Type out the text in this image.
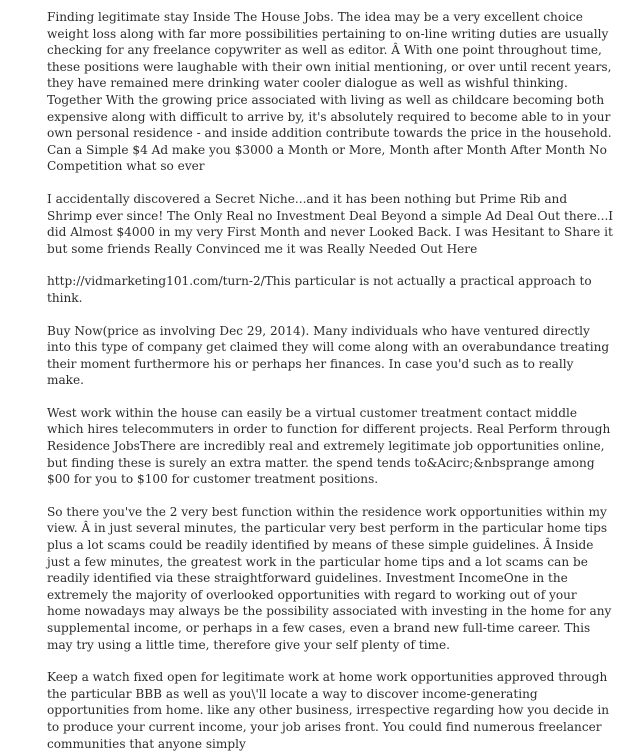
Finding legitimate stay Inside The House Jobs. The idea may be a very excellent choice weight loss along with far more possibilities pertaining to on-line writing duties are usually checking for any freelance copywriter as well as editor. Â With one point throughout time, these positions were laughable with their own initial mentioning, or over until recent years, they have remained mere drinking water cooler dialogue as well as wishful thinking. Together With the growing price associated with living as well as childcare becoming both expensive along with difficult to arrive by, it's absolutely required to become able to in your own personal residence - and inside addition contribute towards the price in the household. Can a Simple $4 Ad make you $3000 a Month or More, Month after Month After Month No Competition what so ever

I accidentally discovered a Secret Niche...and it has been nothing but Prime Rib and Shrimp ever since! The Only Real no Investment Deal Beyond a simple Ad Deal Out there...I did Almost $4000 in my very First Month and never Looked Back. I was Hesitant to Share it but some friends Really Convinced me it was Really Needed Out Here

http://vidmarketing101.com/turn-2/This particular is not actually a practical approach to think.

Buy Now(price as involving Dec 29, 2014). Many individuals who have ventured directly into this type of company get claimed they will come along with an overabundance treating their moment furthermore his or perhaps her finances. In case you'd such as to really make.

West work within the house can easily be a virtual customer treatment contact middle which hires telecommuters in order to function for different projects. Real Perform through Residence JobsThere are incredibly real and extremely legitimate job opportunities online, but finding these is surely an extra matter. the spend tends to&Acirc;&nbsprange among $00 for you to $100 for customer treatment positions.

So there you've the 2 very best function within the residence work opportunities within my view. Â in just several minutes, the particular very best perform in the particular home tips plus a lot scams could be readily identified by means of these simple guidelines. Â Inside just a few minutes, the greatest work in the particular home tips and a lot scams can be readily identified via these straightforward guidelines. Investment IncomeOne in the extremely the majority of overlooked opportunities with regard to working out of your home nowadays may always be the possibility associated with investing in the home for any supplemental income, or perhaps in a few cases, even a brand new full-time career. This may try using a little time, therefore give your self plenty of time.

Keep a watch fixed open for legitimate work at home work opportunities approved through the particular BBB as well as you\'ll locate a way to discover income-generating opportunities from home. like any other business, irrespective regarding how you decide in to produce your current income, your job arises front. You could find numerous freelancer communities that anyone simply
